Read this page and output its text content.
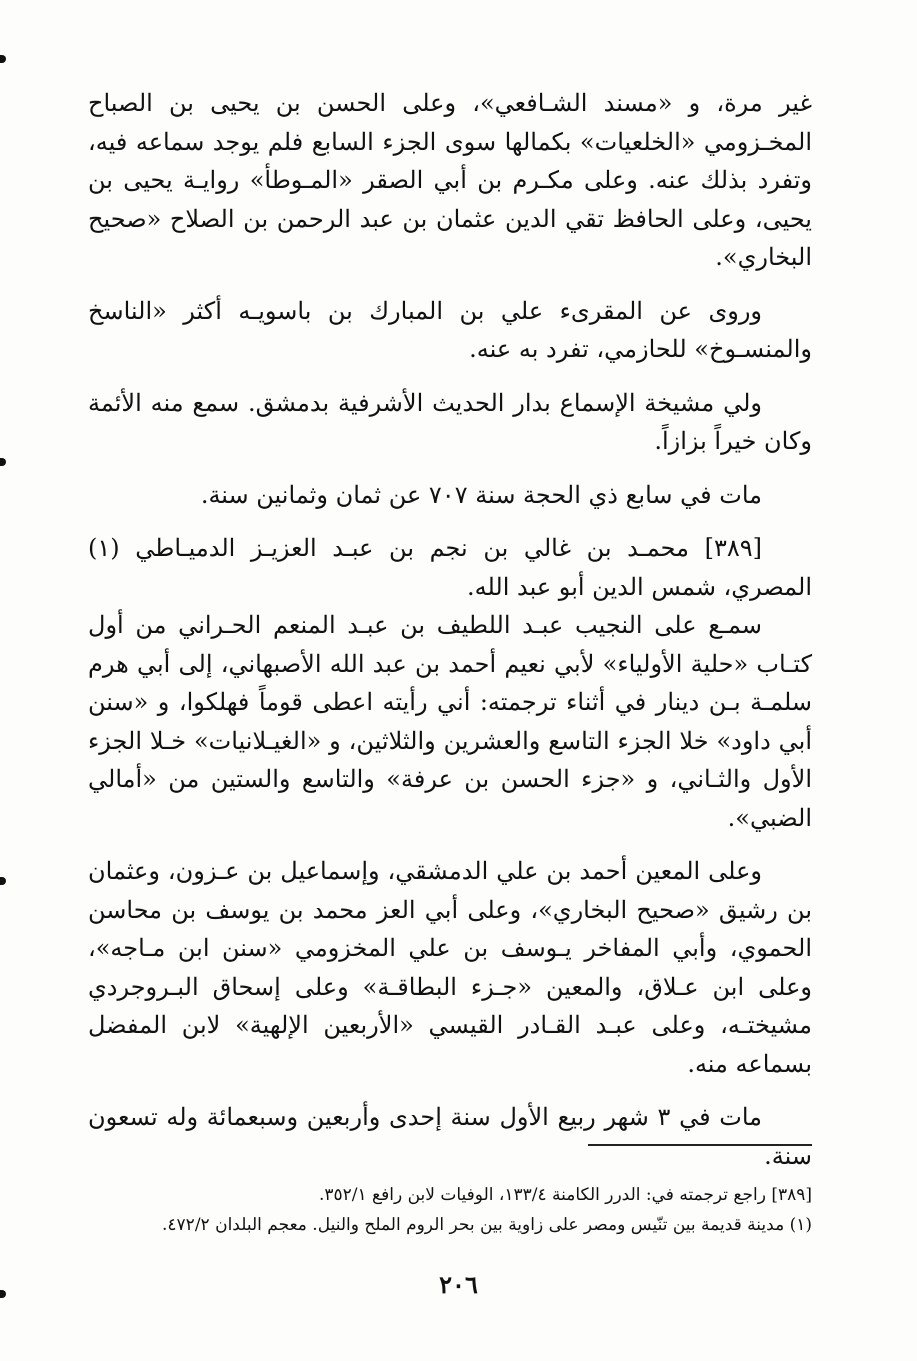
غير مرة، و «مسند الشـافعي»، وعلى الحسن بن يحيى بن الصباح المخـزومي «الخلعيات» بكمالها سوى الجزء السابع فلم يوجد سماعه فيه، وتفرد بذلك عنه. وعلى مكـرم بن أبي الصقر «المـوطأ» روايـة يحيى بن يحيى، وعلى الحافظ تقي الدين عثمان بن عبد الرحمن بن الصلاح «صحيح البخاري».

وروى عن المقرىء علي بن المبارك بن باسويـه أكثر «الناسخ والمنسـوخ» للحازمي، تفرد به عنه.

ولي مشيخة الإسماع بدار الحديث الأشرفية بدمشق. سمع منه الأئمة وكان خيراً بزازاً.

مات في سابع ذي الحجة سنة ٧٠٧ عن ثمان وثمانين سنة.

[٣٨٩] محمـد بن غالي بن نجم بن عبـد العزيـز الدميـاطي (١) المصري، شمس الدين أبو عبد الله.

سمـع على النجيب عبـد اللطيف بن عبـد المنعم الحـراني من أول كتـاب «حلية الأولياء» لأبي نعيم أحمد بن عبد الله الأصبهاني، إلى أبي هرم سلمـة بـن دينار في أثناء ترجمته: أني رأيته اعطى قوماً فهلكوا، و «سنن أبي داود» خلا الجزء التاسع والعشرين والثلاثين، و «الغيـلانيات» خـلا الجزء الأول والثـاني، و «جزء الحسن بن عرفة» والتاسع والستين من «أمالي الضبي».

وعلى المعين أحمد بن علي الدمشقي، وإسماعيل بن عـزون، وعثمان بن رشيق «صحيح البخاري»، وعلى أبي العز محمد بن يوسف بن محاسن الحموي، وأبي المفاخر يـوسف بن علي المخزومي «سنن ابن مـاجه»، وعلى ابن عـلاق، والمعين «جـزء البطاقـة» وعلى إسحاق البـروجردي مشيختـه، وعلى عبـد القـادر القيسي «الأربعين الإلهية» لابن المفضل بسماعه منه.

مات في ٣ شهر ربيع الأول سنة إحدى وأربعين وسبعمائة وله تسعون سنة.

[٣٨٩] راجع ترجمته في: الدرر الكامنة ١٣٣/٤، الوفيات لابن رافع ٣٥٢/١.

(١) مدينة قديمة بين تنّيس ومصر على زاوية بين بحر الروم الملح والنيل. معجم البلدان ٤٧٢/٢.

٢٠٦
